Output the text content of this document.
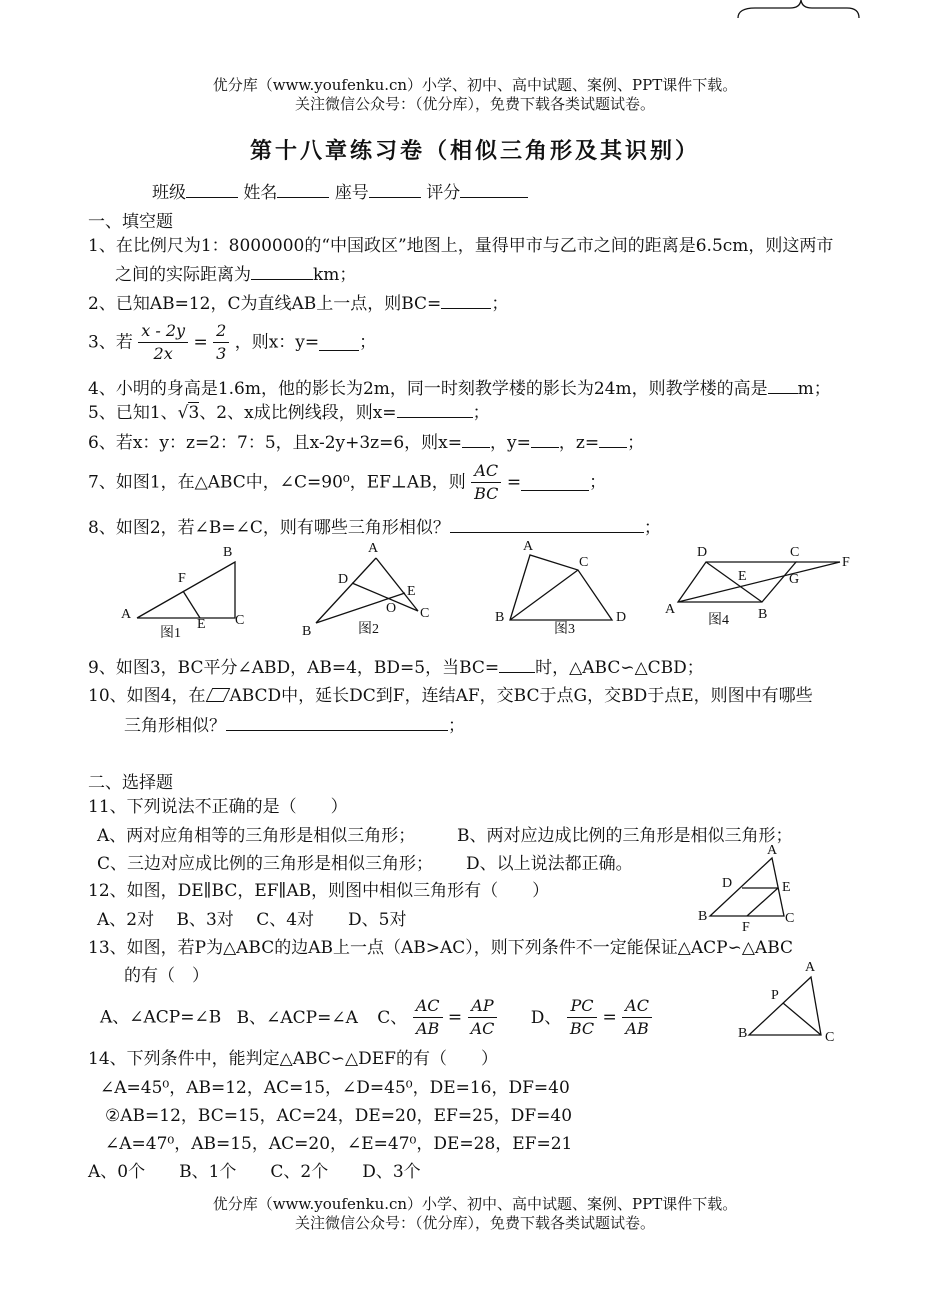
优分库（www.youfenku.cn）小学、初中、高中试题、案例、PPT课件下载。
关注微信公众号：（优分库），免费下载各类试题试卷。
第十八章练习卷（相似三角形及其识别）
班级	姓名	座号	评分
一、填空题
1、在比例尺为1：8000000的“中国政区”地图上，量得甲市与乙市之间的距离是6.5cm，则这两市
之间的实际距离为	km；
2、已知AB=12，C为直线AB上一点，则BC=	；
3、若 $\frac{x - 2y}{2x} = \frac{2}{3}$ ，则x：y= ；
4、小明的身高是1.6m，他的影长为2m，同一时刻教学楼的影长为24m，则教学楼的高是 m；
5、已知1、√3、2、x成比例线段，则x=	；
6、若x：y：z=2：7：5，且x-2y+3z=6，则x= ，y= ，z= ；
7、如图1，在△ABC中，∠C=90⁰，EF⊥AB，则 $\frac{AC}{BC}$ =	；
8、如图2，若∠B=∠C，则有哪些三角形相似？	；
A
B
C
E
F
图1
A
B
C
D
E
O
图2
A
B
C
D
图3
A	B
C
D
E
F
G
图4
9、如图3，BC平分∠ABD，AB=4，BD=5，当BC= 时，△ABC∽△CBD；
10、如图4，在 ABCD中，延长DC到F，连结AF，交BC于点G，交BD于点E，则图中有哪些
三角形相似？	；
二、选择题
11、下列说法不正确的是（　　）
A、两对应角相等的三角形是相似三角形； B、两对应边成比例的三角形是相似三角形；
C、三边对应成比例的三角形是相似三角形； D、以上说法都正确。
12、如图，DE∥BC，EF∥AB，则图中相似三角形有（　　）
A、2对　 B、3对　 C、4对　　D、5对
A
D	E
B
F
C
13、如图，若P为△ABC的边AB上一点（AB>AC），则下列条件不一定能保证△ACP∽△ABC
的有（　）
A、∠ACP=∠B B、∠ACP=∠A C、 $\frac{AC}{AB} = \frac{AP}{AC}$ D、 $\frac{PC}{BC} = \frac{AC}{AB}$
A
P
B	C
14、下列条件中，能判定△ABC∽△DEF的有（　　）
∠A=45⁰，AB=12，AC=15，∠D=45⁰，DE=16，DF=40
②AB=12，BC=15，AC=24，DE=20，EF=25，DF=40
∠A=47⁰，AB=15，AC=20，∠E=47⁰，DE=28，EF=21
A、0个　　B、1个　　C、2个　　D、3个
优分库（www.youfenku.cn）小学、初中、高中试题、案例、PPT课件下载。
关注微信公众号：（优分库），免费下载各类试题试卷。
